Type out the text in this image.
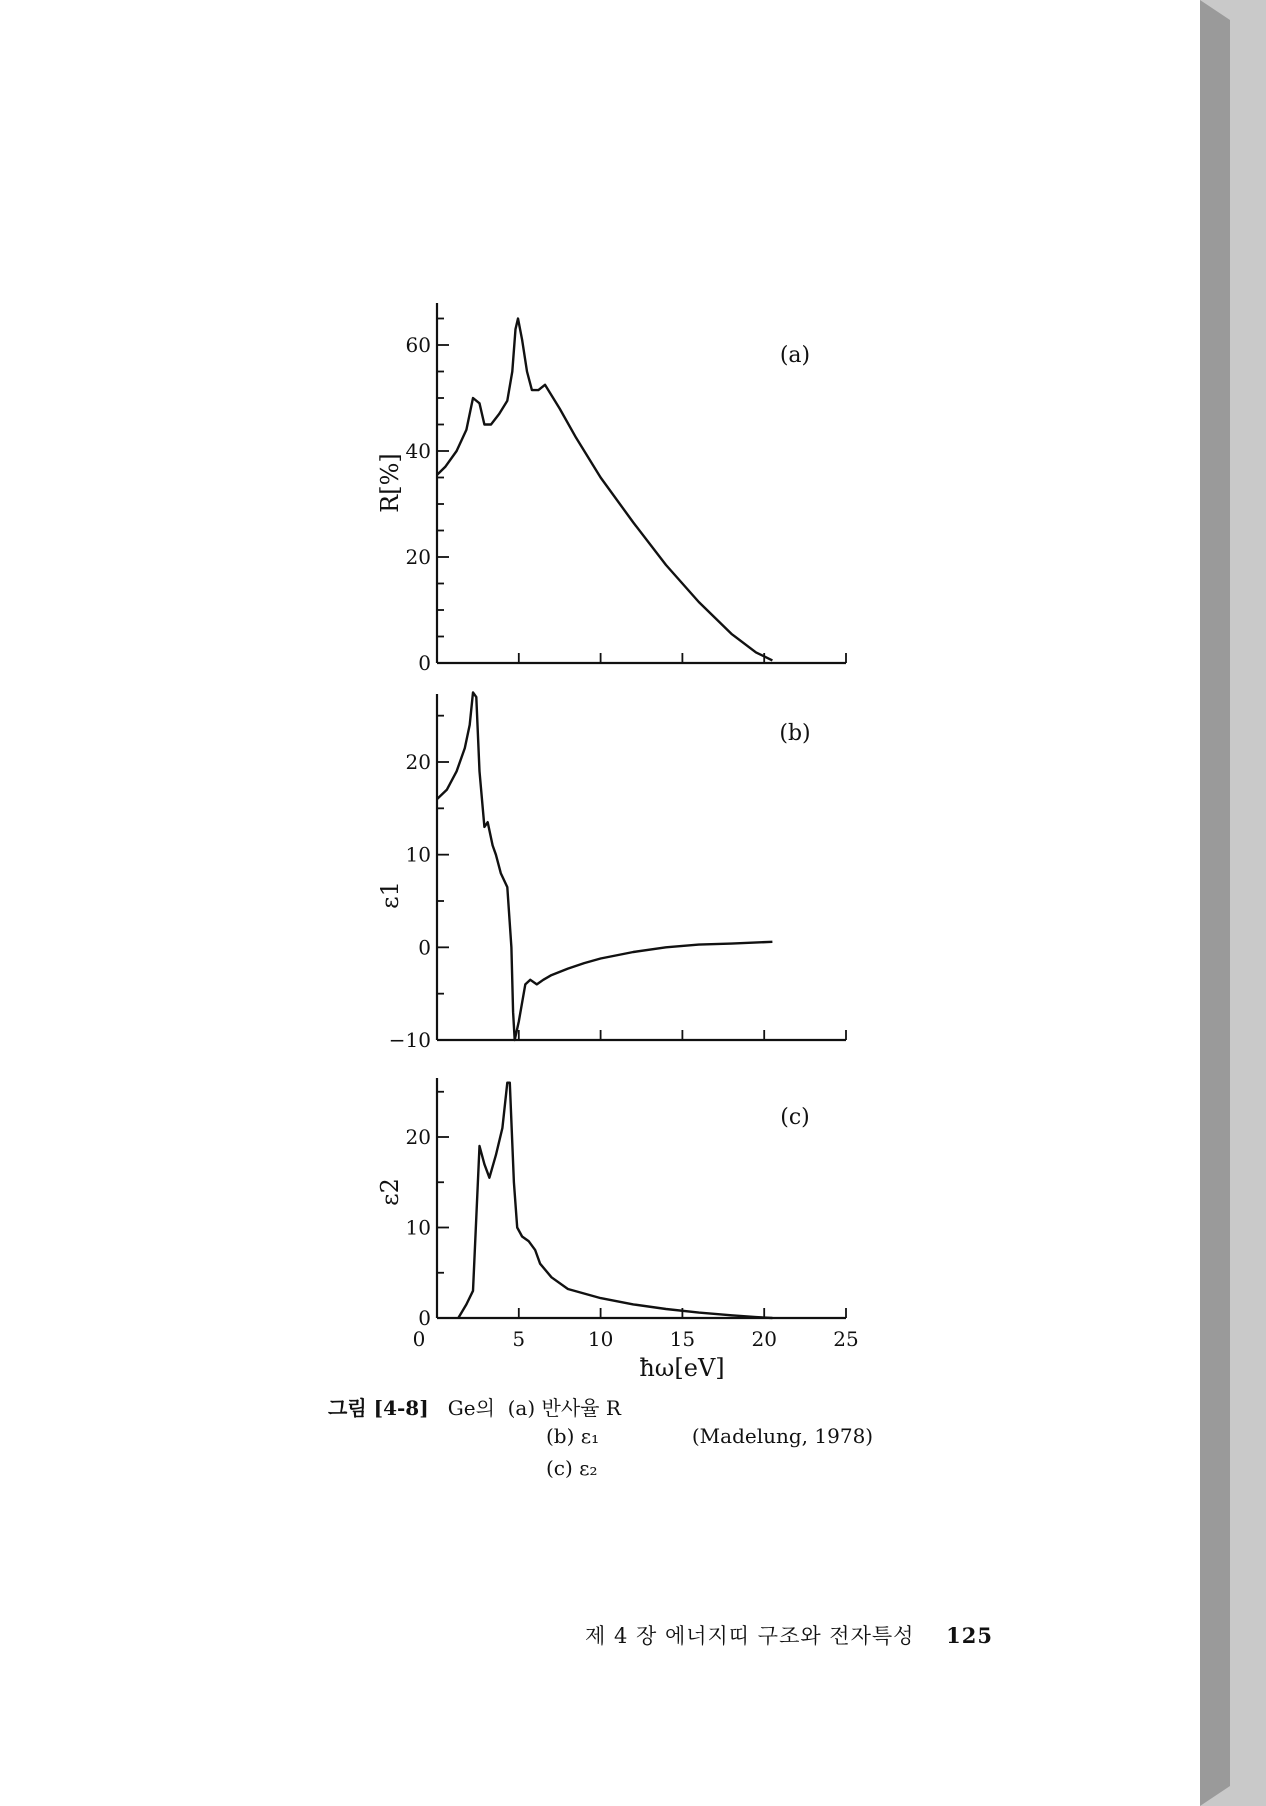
0
20
40
60	(a)
R[%]
20
10
0
−10
(b)
ε1
20
10
0
5	10	15	20	25
(c)
ε2
ħω[eV]
0
그림 [4-8] Ge의 (a) 반사율 R
(b) ε₁	(Madelung, 1978)
(c) ε₂
제 4 장 에너지띠 구조와 전자특성 125
